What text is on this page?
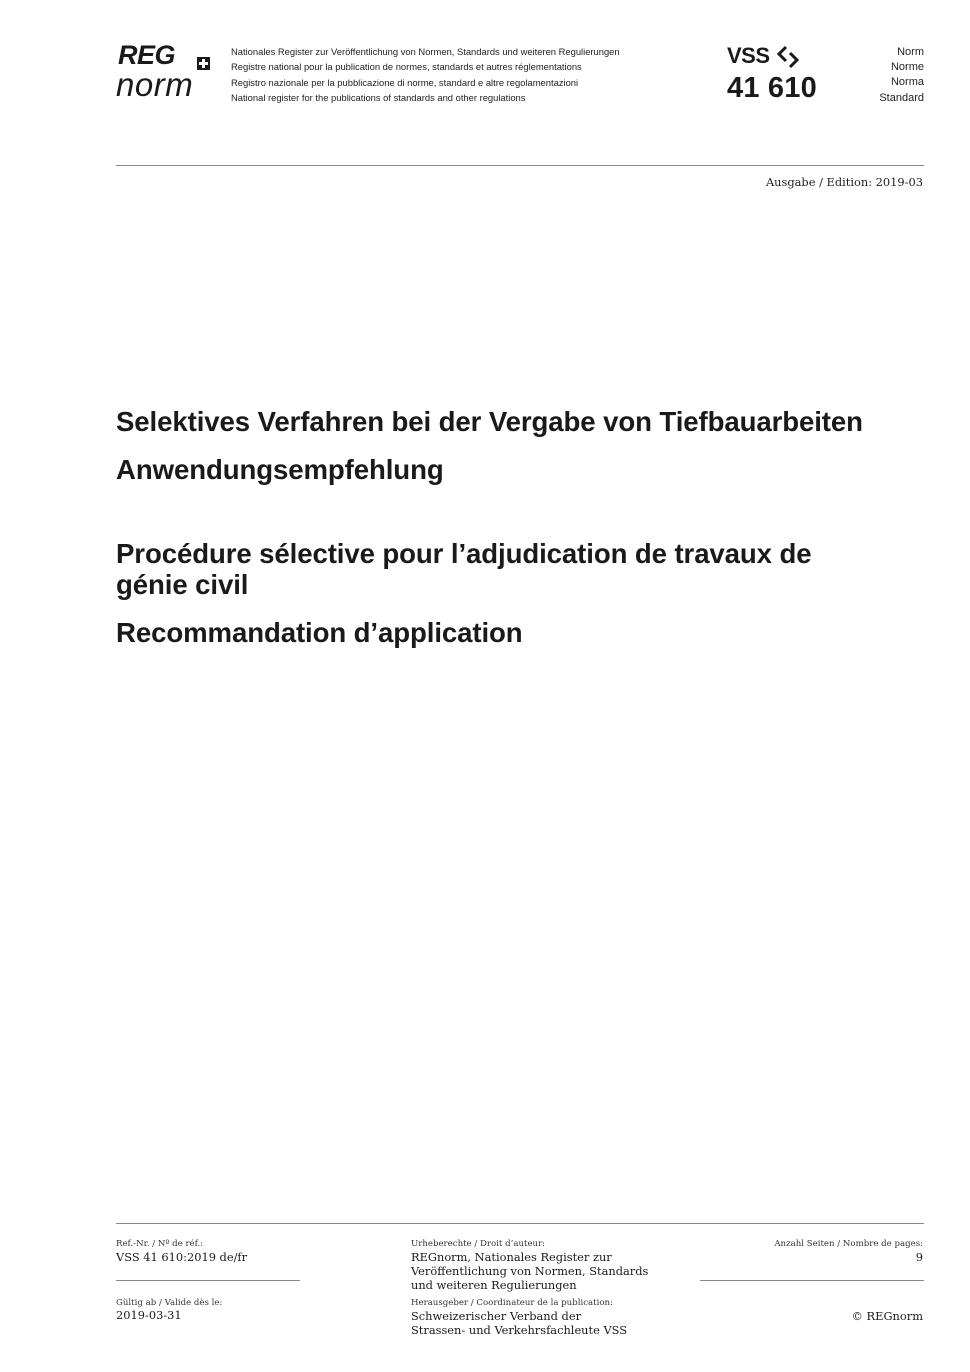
REG
norm
Nationales Register zur Veröffentlichung von Normen, Standards und weiteren Regulierungen
Registre national pour la publication de normes, standards et autres réglementations
Registro nazionale per la pubblicazione di norme, standard e altre regolamentazioni
National register for the publications of standards and other regulations
VSS
41 610
Norm
Norme
Norma
Standard
Ausgabe / Edition: 2019-03
Selektives Verfahren bei der Vergabe von Tiefbauarbeiten
Anwendungsempfehlung
Procédure sélective pour l’adjudication de travaux de génie civil
Recommandation d’application
Ref.-Nr. / Nº de réf.:
VSS 41 610:2019 de/fr
Gültig ab / Valide dès le:
2019-03-31
Urheberechte / Droit d’auteur:
REGnorm, Nationales Register zur
Veröffentlichung von Normen, Standards
und weiteren Regulierungen
Herausgeber / Coordinateur de la publication:
Schweizerischer Verband der
Strassen- und Verkehrsfachleute VSS
Anzahl Seiten / Nombre de pages:
9
© REGnorm
